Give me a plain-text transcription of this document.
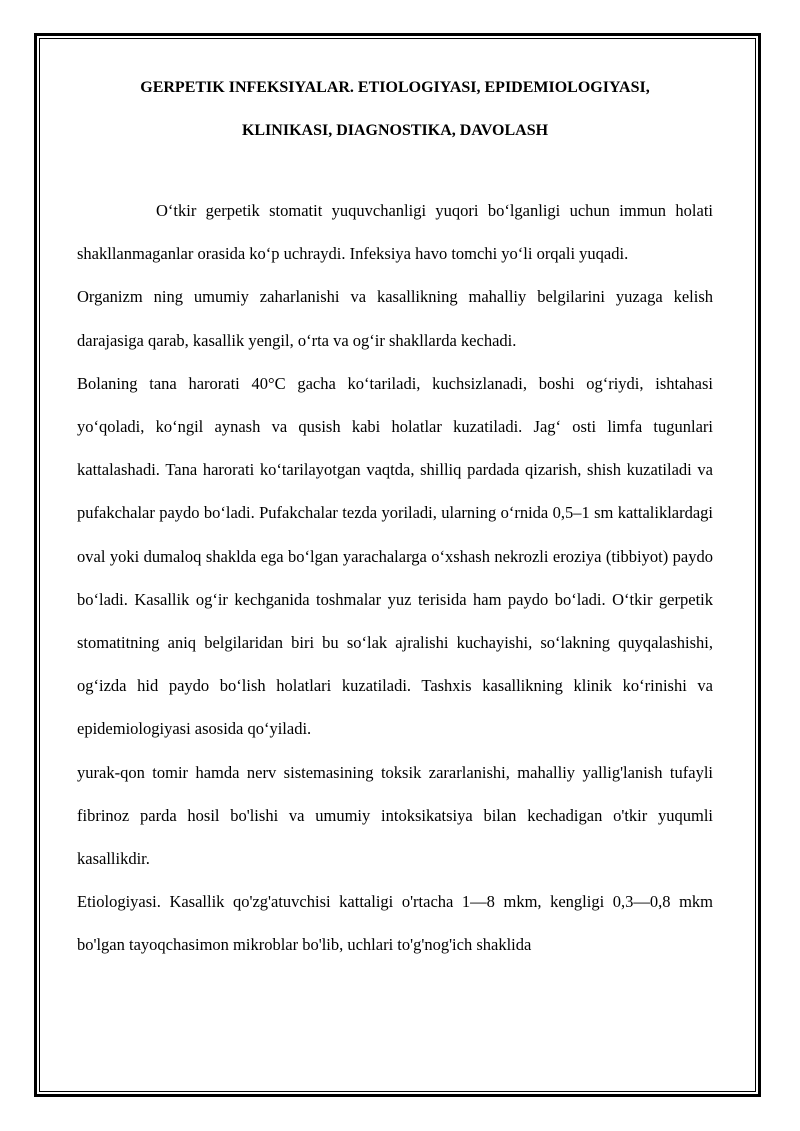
GERPETIK INFEKSIYALAR. ETIOLOGIYASI, EPIDEMIOLOGIYASI,

KLINIKASI, DIAGNOSTIKA, DAVOLASH

O‘tkir gerpetik stomatit yuquvchanligi yuqori bo‘lganligi uchun immun holati shakllanmaganlar orasida ko‘p uchraydi. Infeksiya havo tomchi yo‘li orqali yuqadi.

Organizm ning umumiy zaharlanishi va kasallikning mahalliy belgilarini yuzaga kelish darajasiga qarab, kasallik yengil, o‘rta va og‘ir shakllarda kechadi.

Bolaning tana harorati 40°C gacha ko‘tariladi, kuchsizlanadi, boshi og‘riydi, ishtahasi yo‘qoladi, ko‘ngil aynash va qusish kabi holatlar kuzatiladi. Jag‘ osti limfa tugunlari kattalashadi. Tana harorati ko‘tarilayotgan vaqtda, shilliq pardada qizarish, shish kuzatiladi va pufakchalar paydo bo‘ladi. Pufakchalar tezda yoriladi, ularning o‘rnida 0,5–1 sm kattaliklardagi oval yoki dumaloq shaklda ega bo‘lgan yarachalarga o‘xshash nekrozli eroziya (tibbiyot) paydo bo‘ladi. Kasallik og‘ir kechganida toshmalar yuz terisida ham paydo bo‘ladi. O‘tkir gerpetik stomatitning aniq belgilaridan biri bu so‘lak ajralishi kuchayishi, so‘lakning quyqalashishi, og‘izda hid paydo bo‘lish holatlari kuzatiladi. Tashxis kasallikning klinik ko‘rinishi va epidemiologiyasi asosida qo‘yiladi.

yurak-qon tomir hamda nerv sistemasining toksik zararlanishi, mahalliy yallig'lanish tufayli fibrinoz parda hosil bo'lishi va umumiy intoksikatsiya bilan kechadigan o'tkir yuqumli kasallikdir.

Etiologiyasi. Kasallik qo'zg'atuvchisi kattaligi o'rtacha 1—8 mkm, kengligi 0,3—0,8 mkm bo'lgan tayoqchasimon mikroblar bo'lib, uchlari to'g'nog'ich shaklida
